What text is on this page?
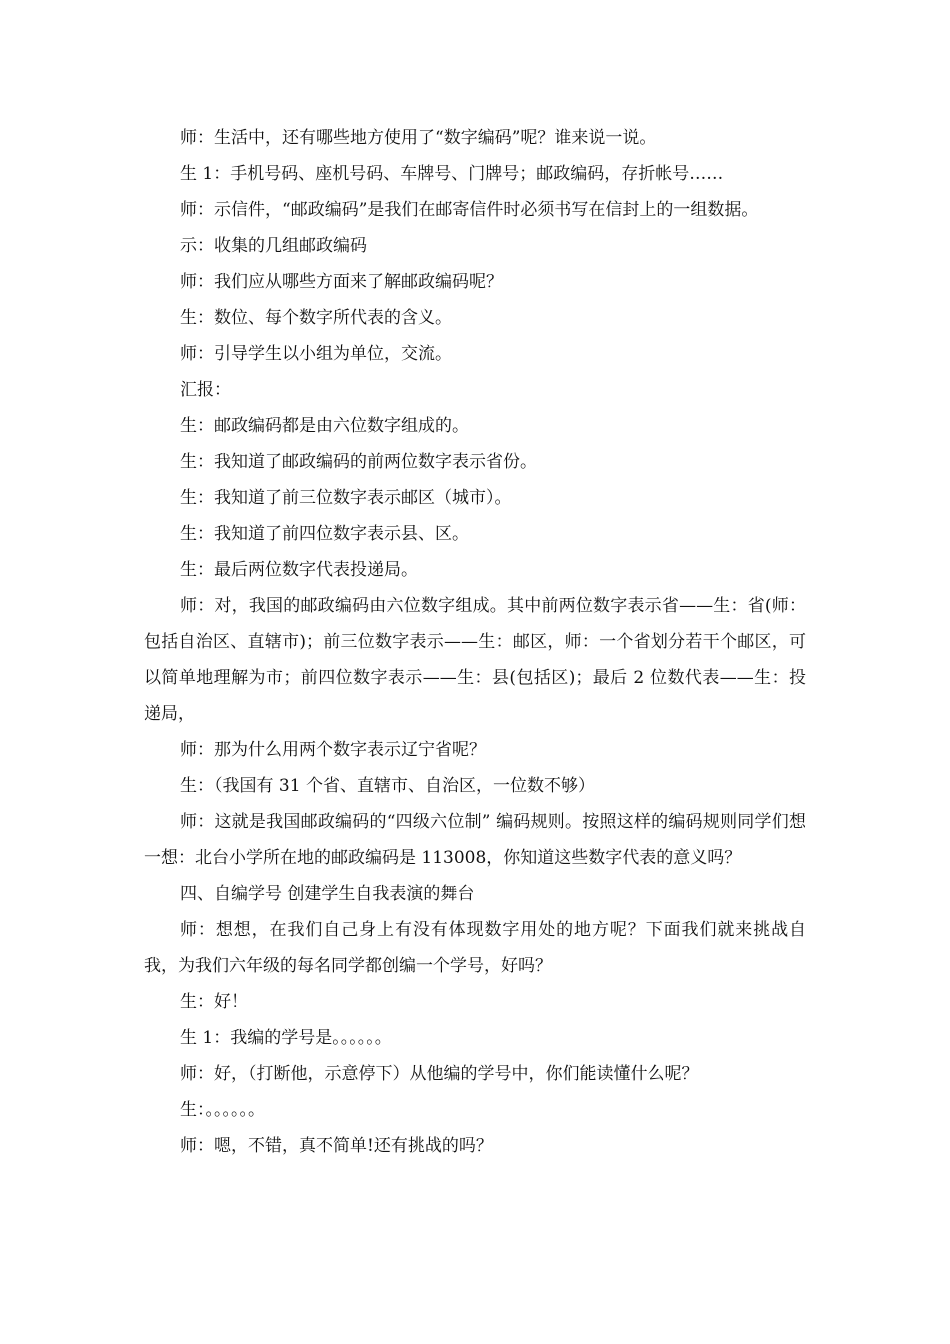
师：生活中，还有哪些地方使用了“数字编码”呢？谁来说一说。

生 1：手机号码、座机号码、车牌号、门牌号；邮政编码，存折帐号……

师：示信件，“邮政编码”是我们在邮寄信件时必须书写在信封上的一组数据。

示：收集的几组邮政编码

师：我们应从哪些方面来了解邮政编码呢？

生：数位、每个数字所代表的含义。

师：引导学生以小组为单位，交流。

汇报：

生：邮政编码都是由六位数字组成的。

生：我知道了邮政编码的前两位数字表示省份。

生：我知道了前三位数字表示邮区（城市）。

生：我知道了前四位数字表示县、区。

生：最后两位数字代表投递局。

师：对，我国的邮政编码由六位数字组成。其中前两位数字表示省——生：省(师：包括自治区、直辖市)；前三位数字表示——生：邮区，师：一个省划分若干个邮区，可以简单地理解为市；前四位数字表示——生：县(包括区)；最后 2 位数代表——生：投递局，

师：那为什么用两个数字表示辽宁省呢？

生：（我国有 31 个省、直辖市、自治区，一位数不够）

师：这就是我国邮政编码的“四级六位制” 编码规则。按照这样的编码规则同学们想一想：北台小学所在地的邮政编码是 113008，你知道这些数字代表的意义吗？

四、自编学号 创建学生自我表演的舞台

师：想想，在我们自己身上有没有体现数字用处的地方呢？下面我们就来挑战自我，为我们六年级的每名同学都创编一个学号，好吗？

生：好！

生 1：我编的学号是。。。。。。

师：好，（打断他，示意停下）从他编的学号中，你们能读懂什么呢？

生：。。。。。。

师：嗯，不错，真不简单!还有挑战的吗？
